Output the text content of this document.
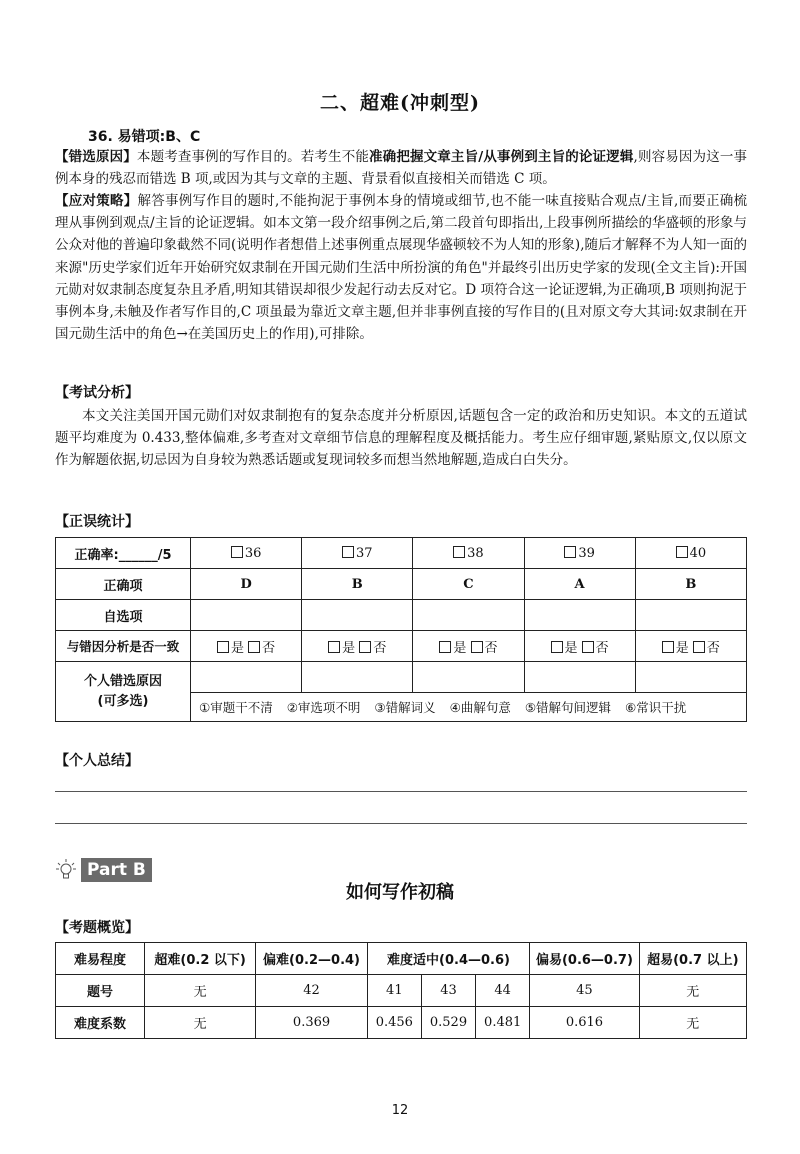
二、超难(冲刺型)
36. 易错项:B、C
【错选原因】本题考查事例的写作目的。若考生不能准确把握文章主旨/从事例到主旨的论证逻辑,则容易因为这一事例本身的残忍而错选 B 项,或因为其与文章的主题、背景看似直接相关而错选 C 项。
【应对策略】解答事例写作目的题时,不能拘泥于事例本身的情境或细节,也不能一味直接贴合观点/主旨,而要正确梳理从事例到观点/主旨的论证逻辑。如本文第一段介绍事例之后,第二段首句即指出,上段事例所描绘的华盛顿的形象与公众对他的普遍印象截然不同(说明作者想借上述事例重点展现华盛顿较不为人知的形象),随后才解释不为人知一面的来源"历史学家们近年开始研究奴隶制在开国元勋们生活中所扮演的角色"并最终引出历史学家的发现(全文主旨):开国元勋对奴隶制态度复杂且矛盾,明知其错误却很少发起行动去反对它。D 项符合这一论证逻辑,为正确项,B 项则拘泥于事例本身,未触及作者写作目的,C 项虽最为靠近文章主题,但并非事例直接的写作目的(且对原文夸大其词:奴隶制在开国元勋生活中的角色→在美国历史上的作用),可排除。
【考试分析】
本文关注美国开国元勋们对奴隶制抱有的复杂态度并分析原因,话题包含一定的政治和历史知识。本文的五道试题平均难度为 0.433,整体偏难,多考查对文章细节信息的理解程度及概括能力。考生应仔细审题,紧贴原文,仅以原文作为解题依据,切忌因为自身较为熟悉话题或复现词较多而想当然地解题,造成白白失分。
【正误统计】
正确率:______/5	36	37	38	39	40
正确项	D	B	C	A	B
自选项					
与错因分析是否一致	是 否	是 否	是 否	是 否	是 否

个人错选原因
(可多选)					

	①审题干不清 ②审选项不明 ③错解词义 ④曲解句意 ⑤错解句间逻辑 ⑥常识干扰				
【个人总结】
Part B
如何写作初稿
【考题概览】
难易程度	超难(0.2 以下)	偏难(0.2—0.4)	难度适中(0.4—0.6)			偏易(0.6—0.7)	超易(0.7 以上)
题号	无	42	41	43	44	45	无
难度系数	无	0.369	0.456	0.529	0.481	0.616	无
12
